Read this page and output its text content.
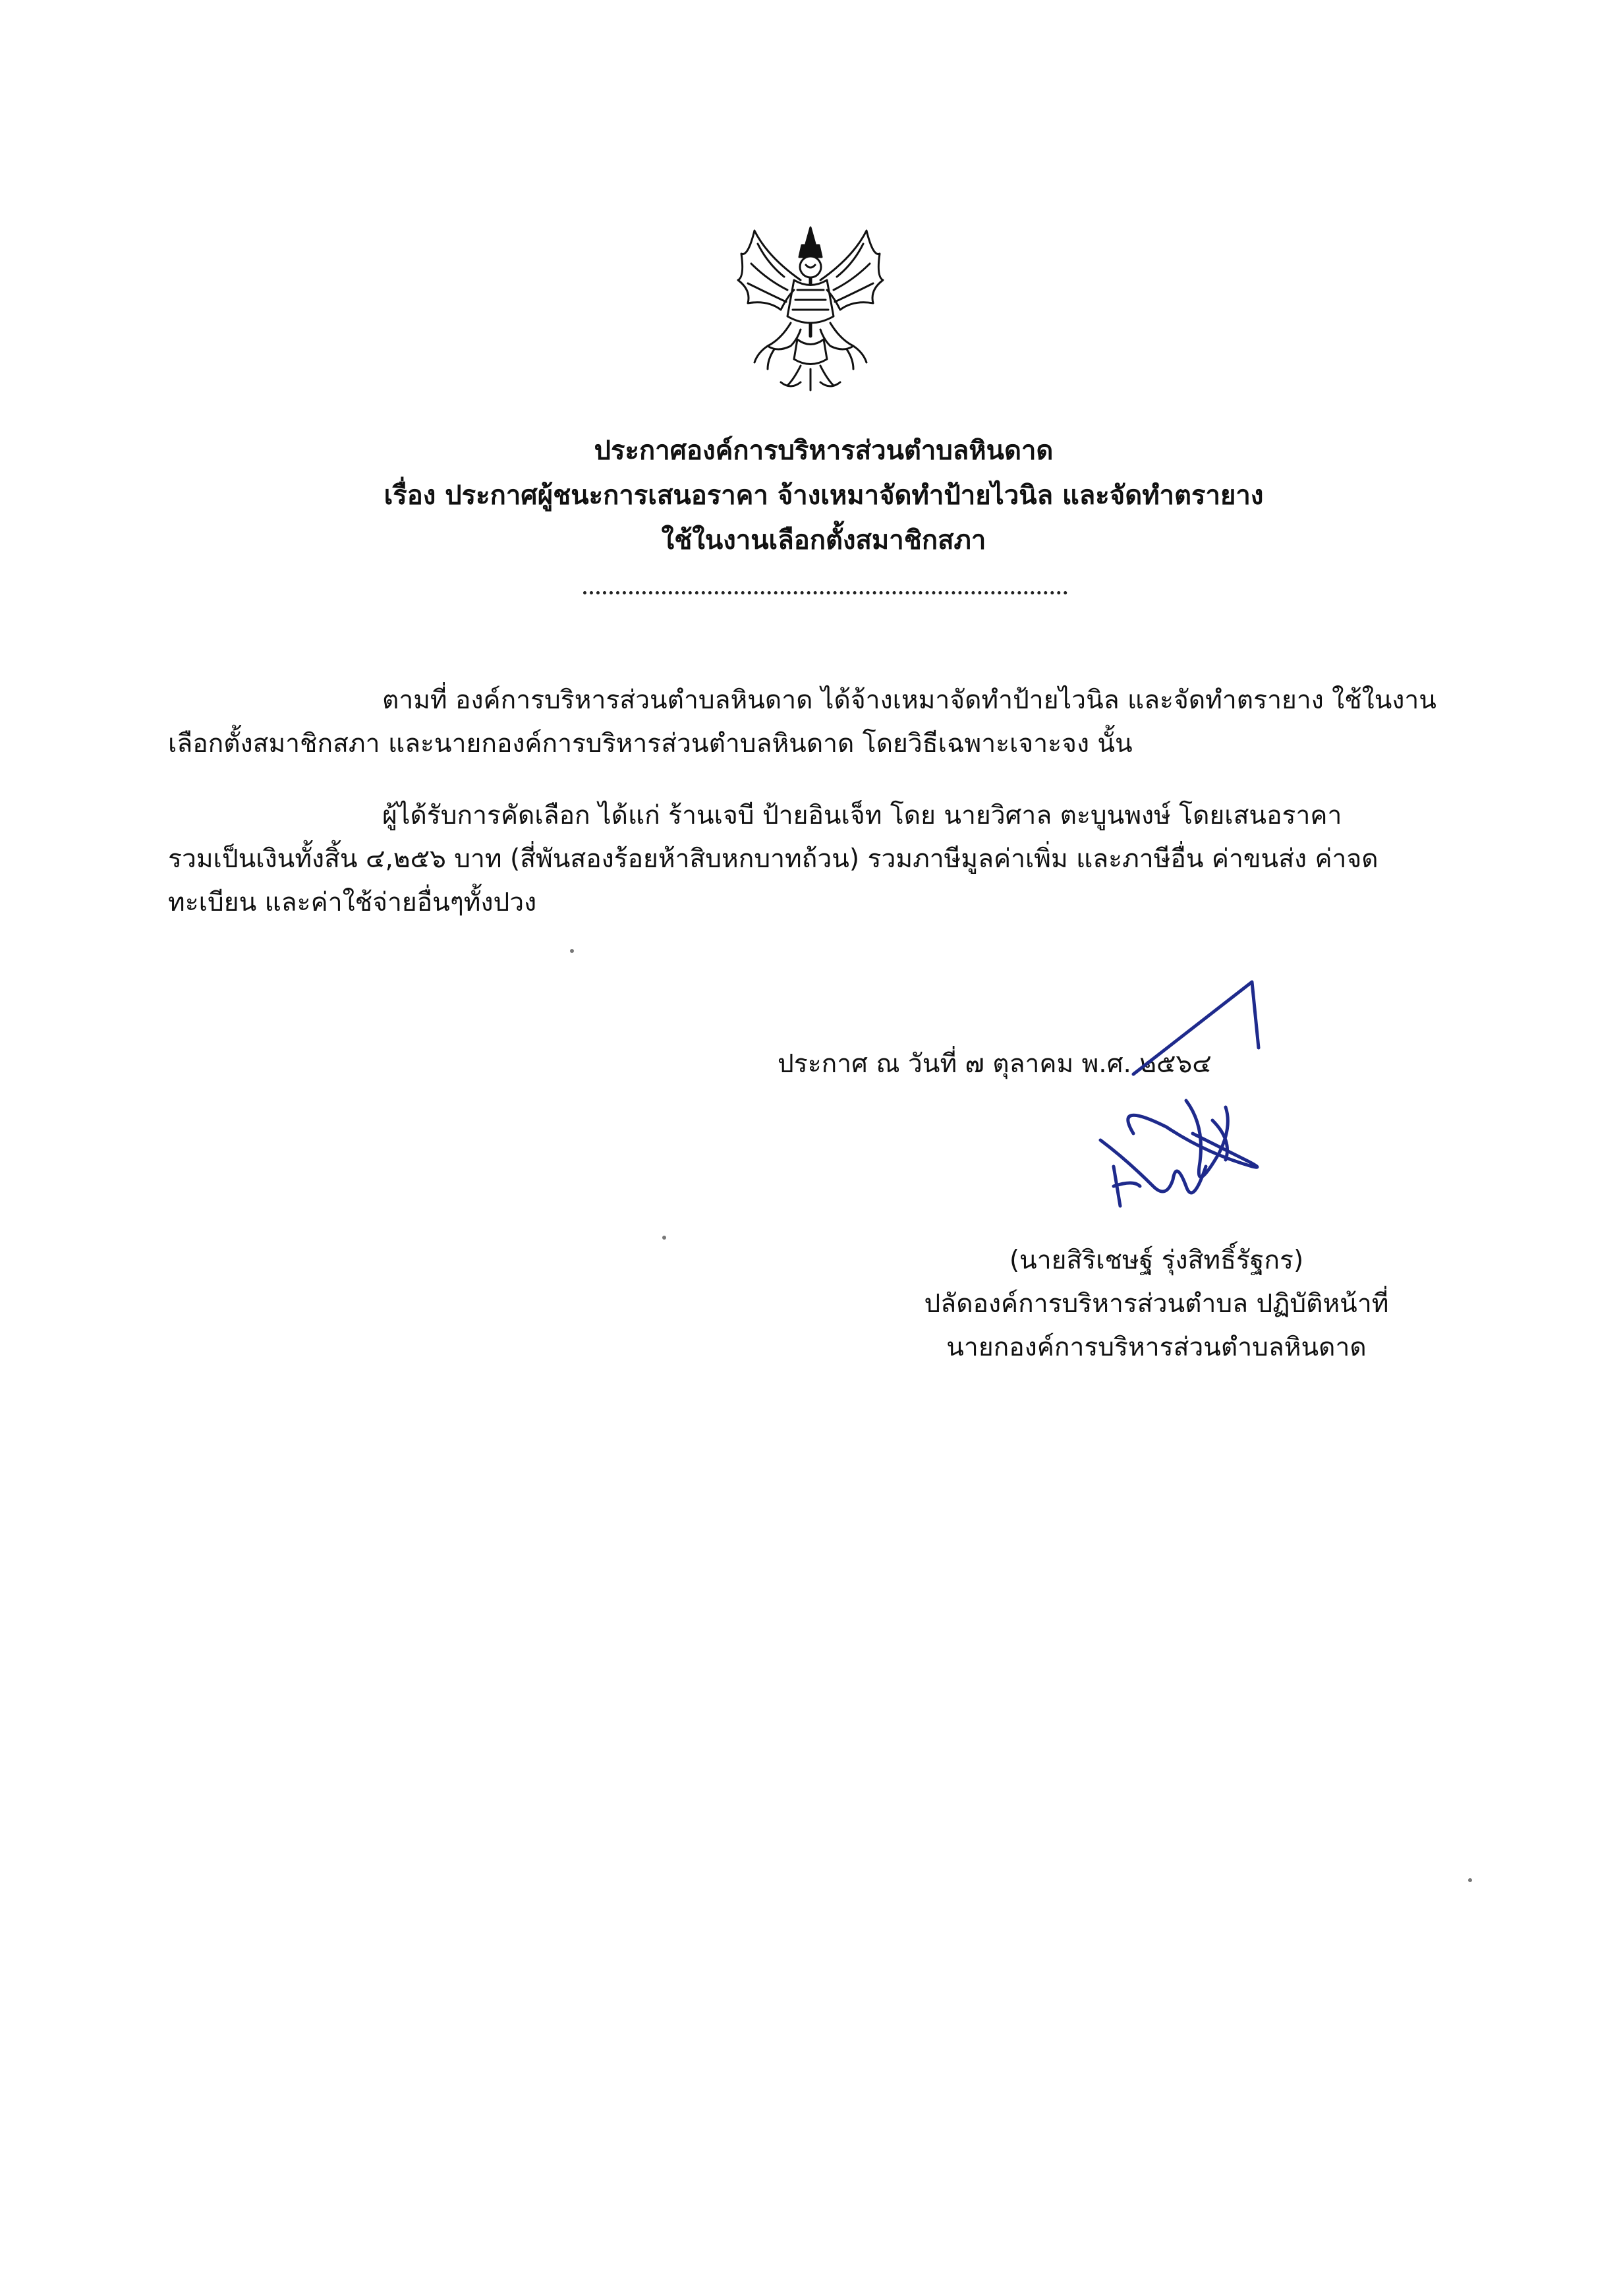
ประกาศองค์การบริหารส่วนตำบลหินดาด
เรื่อง ประกาศผู้ชนะการเสนอราคา จ้างเหมาจัดทำป้ายไวนิล และจัดทำตรายาง
ใช้ในงานเลือกตั้งสมาชิกสภา
ตามที่ องค์การบริหารส่วนตำบลหินดาด ได้จ้างเหมาจัดทำป้ายไวนิล และจัดทำตรายาง ใช้ในงาน
เลือกตั้งสมาชิกสภา และนายกองค์การบริหารส่วนตำบลหินดาด โดยวิธีเฉพาะเจาะจง นั้น
ผู้ได้รับการคัดเลือก ได้แก่ ร้านเจบี ป้ายอินเจ็ท โดย นายวิศาล ตะบูนพงษ์ โดยเสนอราคา
รวมเป็นเงินทั้งสิ้น ๔,๒๕๖ บาท (สี่พันสองร้อยห้าสิบหกบาทถ้วน) รวมภาษีมูลค่าเพิ่ม และภาษีอื่น ค่าขนส่ง ค่าจด
ทะเบียน และค่าใช้จ่ายอื่นๆทั้งปวง
ประกาศ ณ วันที่ ๗ ตุลาคม พ.ศ. ๒๕๖๔
(นายสิริเชษฐ์ รุ่งสิทธิ์รัฐกร)
ปลัดองค์การบริหารส่วนตำบล ปฏิบัติหน้าที่
นายกองค์การบริหารส่วนตำบลหินดาด
